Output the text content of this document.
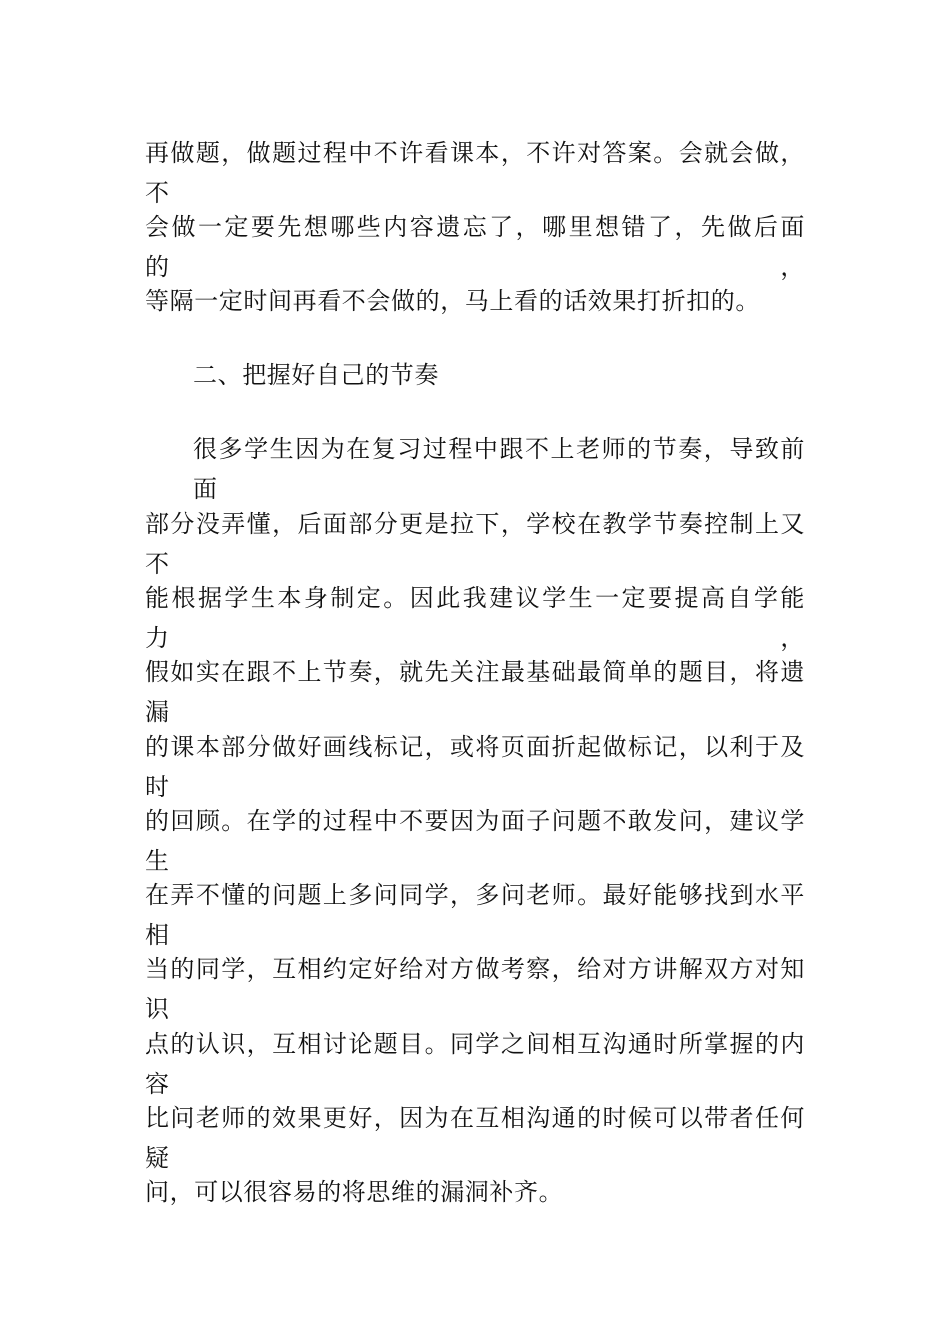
再做题，做题过程中不许看课本，不许对答案。会就会做，不
会做一定要先想哪些内容遗忘了，哪里想错了，先做后面的，
等隔一定时间再看不会做的，马上看的话效果打折扣的。
二、把握好自己的节奏
很多学生因为在复习过程中跟不上老师的节奏，导致前面
部分没弄懂，后面部分更是拉下，学校在教学节奏控制上又不
能根据学生本身制定。因此我建议学生一定要提高自学能力，
假如实在跟不上节奏，就先关注最基础最简单的题目，将遗漏
的课本部分做好画线标记，或将页面折起做标记，以利于及时
的回顾。在学的过程中不要因为面子问题不敢发问，建议学生
在弄不懂的问题上多问同学，多问老师。最好能够找到水平相
当的同学，互相约定好给对方做考察，给对方讲解双方对知识
点的认识，互相讨论题目。同学之间相互沟通时所掌握的内容
比问老师的效果更好，因为在互相沟通的时候可以带者任何疑
问，可以很容易的将思维的漏洞补齐。
